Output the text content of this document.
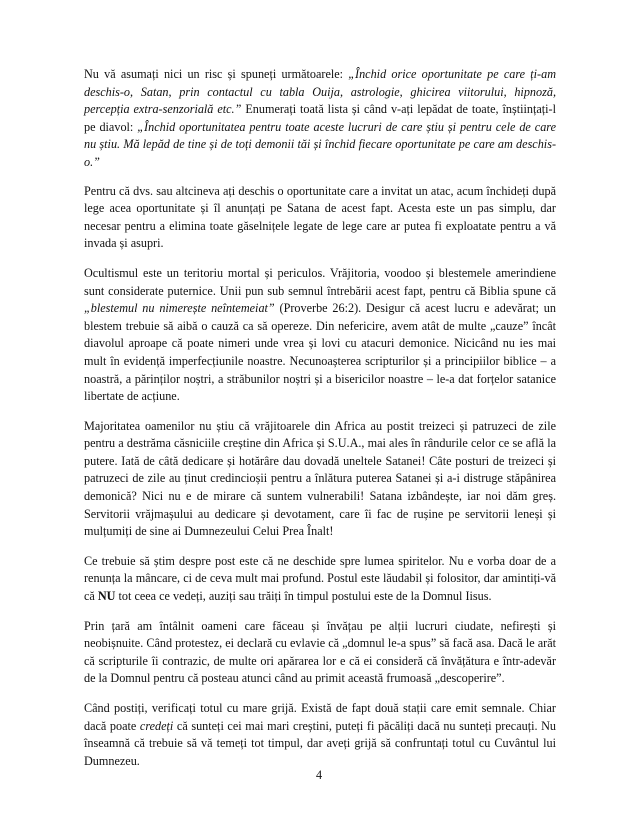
Nu vă asumați nici un risc și spuneți următoarele: „Închid orice oportunitate pe care ți-am deschis-o, Satan, prin contactul cu tabla Ouija, astrologie, ghicirea viitorului, hipnoză, percepția extra-senzorială etc.” Enumerați toată lista și când v-ați lepădat de toate, înștiințați-l pe diavol: „Închid oportunitatea pentru toate aceste lucruri de care știu și pentru cele de care nu știu. Mă lepăd de tine și de toți demonii tăi și închid fiecare oportunitate pe care am deschis-o.”

Pentru că dvs. sau altcineva ați deschis o oportunitate care a invitat un atac, acum închideți după lege acea oportunitate și îl anunțați pe Satana de acest fapt. Acesta este un pas simplu, dar necesar pentru a elimina toate găselnițele legate de lege care ar putea fi exploatate pentru a vă invada și asupri.

Ocultismul este un teritoriu mortal și periculos. Vrăjitoria, voodoo și blestemele amerindiene sunt considerate puternice. Unii pun sub semnul întrebării acest fapt, pentru că Biblia spune că „blestemul nu nimerește neîntemeiat” (Proverbe 26:2). Desigur că acest lucru e adevărat; un blestem trebuie să aibă o cauză ca să opereze. Din nefericire, avem atât de multe „cauze” încât diavolul aproape că poate nimeri unde vrea și lovi cu atacuri demonice. Nicicând nu ies mai mult în evidență imperfecțiunile noastre. Necunoașterea scripturilor și a principiilor biblice – a noastră, a părinților noștri, a străbunilor noștri și a bisericilor noastre – le-a dat forțelor satanice libertate de acțiune.

Majoritatea oamenilor nu știu că vrăjitoarele din Africa au postit treizeci și patruzeci de zile pentru a destrăma căsniciile creștine din Africa și S.U.A., mai ales în rândurile celor ce se află la putere. Iată de câtă dedicare și hotărâre dau dovadă uneltele Satanei! Câte posturi de treizeci și patruzeci de zile au ținut credincioșii pentru a înlătura puterea Satanei și a-i distruge stăpânirea demonică? Nici nu e de mirare că suntem vulnerabili! Satana izbândește, iar noi dăm greș. Servitorii vrăjmașului au dedicare și devotament, care îi fac de rușine pe servitorii leneși și mulțumiți de sine ai Dumnezeului Celui Prea Înalt!

Ce trebuie să știm despre post este că ne deschide spre lumea spiritelor. Nu e vorba doar de a renunța la mâncare, ci de ceva mult mai profund. Postul este lăudabil și folositor, dar amintiți-vă că NU tot ceea ce vedeți, auziți sau trăiți în timpul postului este de la Domnul Iisus.

Prin țară am întâlnit oameni care făceau și învățau pe alții lucruri ciudate, nefirești și neobișnuite. Când protestez, ei declară cu evlavie că „domnul le-a spus” să facă asa. Dacă le arăt că scripturile îi contrazic, de multe ori apărarea lor e că ei consideră că învățătura e într-adevăr de la Domnul pentru că posteau atunci când au primit această frumoasă „descoperire”.

Când postiți, verificați totul cu mare grijă. Există de fapt două stații care emit semnale. Chiar dacă poate credeți că sunteți cei mai mari creștini, puteți fi păcăliți dacă nu sunteți precauți. Nu înseamnă că trebuie să vă temeți tot timpul, dar aveți grijă să confruntați totul cu Cuvântul lui Dumnezeu.

4
